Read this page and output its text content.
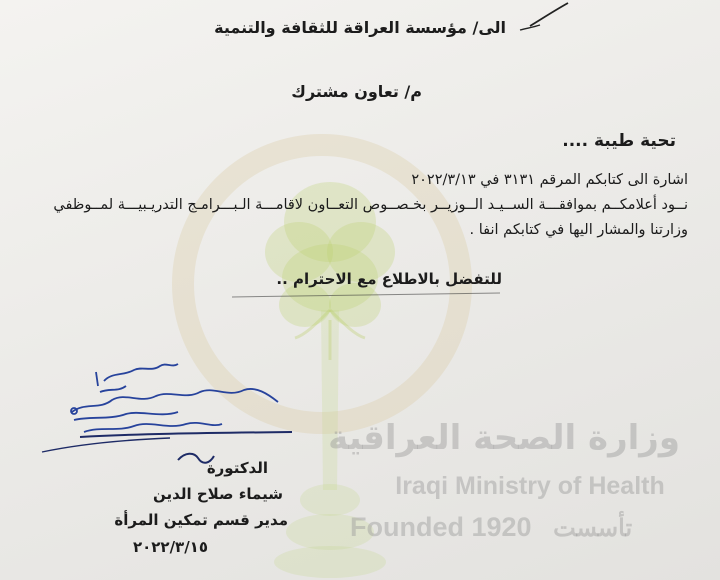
وزارة الصحة العراقية
Iraqi Ministry of Health
Founded 1920 تأسست
الى/ مؤسسة العراقة للثقافة والتنمية
م/ تعاون مشترك
تحية طيبة ....
اشارة الى كتابكم المرقم ٣١٣١ في ٢٠٢٢/٣/١٣
نــود أعلامكــم بموافقـــة الســيـد الــوزيــر بخـصــوص التعــاون لاقامـــة الـبـــرامـج التدريـبيـــة لمــوظفي
وزارتنا والمشار اليها في كتابكم انفا .
للتفضل بالاطلاع مع الاحترام ..
الدكتورة
شيماء صلاح الدين
مدير قسم تمكين المرأة
٢٠٢٢/٣/١٥
